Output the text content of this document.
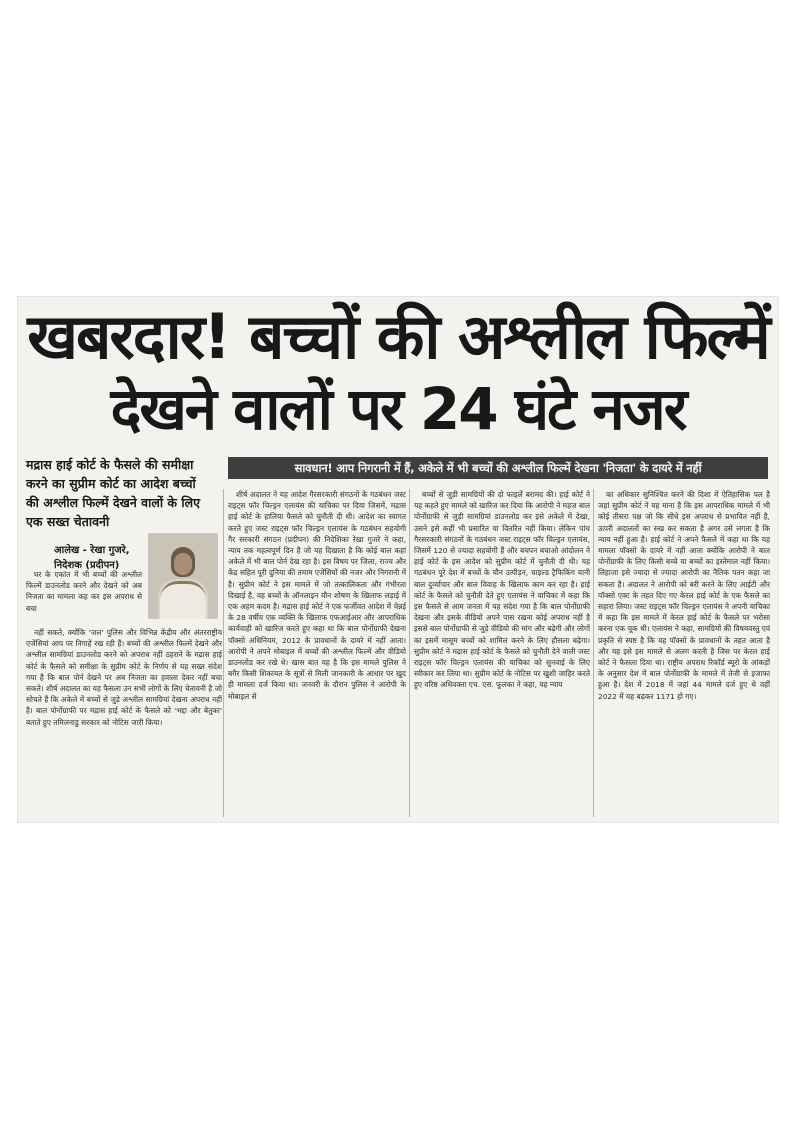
खबरदार! बच्चों की अश्लील फिल्में
देखने वालों पर 24 घंटे नजर
मद्रास हाई कोर्ट के फैसले की समीक्षा करने का सुप्रीम कोर्ट का आदेश बच्चों की अश्लील फिल्में देखने वालों के लिए एक सख्त चेतावनी
सावधान! आप निगरानी में हैं, अकेले में भी बच्चों की अश्लील फिल्में देखना 'निजता' के दायरे में नहीं
आलेख - रेखा गुजरे,
निदेशक (प्रदीपन)

घर के एकांत में भी बच्चों की अश्लील फिल्में डाउनलोड करने और देखने को अब निजता का मामला कह कर इस अपराध से बचा

नहीं सकते, क्योंकि 'जल' पुलिस और विभिन्न केंद्रीय और अंतरराष्ट्रीय एजेंसियां आप पर निगाहें रख रही हैं। बच्चों की अश्लील फिल्में देखने और अश्लील सामग्रियां डाउनलोड करने को अपराध नहीं ठहराने के मद्रास हाई कोर्ट के फैसले को समीक्षा के सुप्रीम कोर्ट के निर्णय से यह सख्त संदेश गया है कि बाल पोर्न देखने पर अब निजता का हवाला देकर नहीं बचा सकते। शीर्ष अदालत का यह फैसला उन सभी लोगों के लिए चेतावनी है जो सोचते हैं कि अकेले में बच्चों से जुड़े अश्लील सामग्रियां देखना अपराध नहीं है। बाल पोर्नोग्राफी पर मद्रास हाई कोर्ट के फैसले को 'भद्दा और बेतुका' बताते हुए तमिलनाडु सरकार को नोटिस जारी किया।

शीर्ष अदालत ने यह आदेश गैरसरकारी संगठनों के गठबंधन जस्ट राइट्स फॉर चिल्ड्रन एलायंस की याचिका पर दिया जिसमें, मद्रास हाई कोर्ट के हालिया फैसले को चुनौती दी थी। आदेश का स्वागत करते हुए जस्ट राइट्स फॉर चिल्ड्रन एलायंस के गठबंधन सहयोगी गैर सरकारी संगठन (प्रदीपन) की निदेशिका रेखा गुजरे ने कहा, न्याय तक महत्वपूर्ण दिन है जो यह दिखाता है कि कोई बाल कहां अकेले में भी बाल पोर्न देख रहा है। इस विषय पर जिला, राज्य और केंद्र सहित पूरी दुनिया की तमाम एजेंसियों की नजर और निगरानी में है। सुप्रीम कोर्ट ने इस मामले में जो तत्कालिकता और गंभीरता दिखाई है, वह बच्चों के ऑनलाइन यौन शोषण के खिलाफ लड़ाई में एक अहम कदम है। मद्रास हाई कोर्ट ने एक फर्जीवत आदेश में चेन्नई के 28 वर्षीय एक व्यक्ति के खिलाफ एफआईआर और आपराधिक कार्यवाही को खारिज करते हुए कहा था कि बाल पोर्नोग्राफी देखना पॉक्सो अधिनियम, 2012 के प्रावधानों के दायरे में नहीं आता। आरोपी ने अपने मोबाइल में बच्चों की अश्लील फिल्में और वीडियो डाउनलोड कर रखे थे। खास बात यह है कि इस मामले पुलिस ने बगैर किसी शिकायत के सूत्रों से मिली जानकारी के आधार पर खुद ही मामला दर्ज किया था। जनवरी के दौरान पुलिस ने आरोपी के मोबाइल से

बच्चों से जुड़ी सामग्रियों की दो फाइलें बरामद की। हाई कोर्ट ने यह कहते हुए मामले को खारिज कर दिया कि आरोपी ने महज बाल पोर्नोग्राफी से जुड़ी सामग्रियां डाउनलोड कर इसे अकेले में देखा, उसने इसे कहीं भी प्रसारित या वितरित नहीं किया। लेकिन पांच गैरसरकारी संगठनों के गठबंधन जस्ट राइट्स फॉर चिल्ड्रन एलायंस, जिसमें 120 से ज्यादा सहयोगी हैं और बचपन बचाओ आंदोलन ने हाई कोर्ट के इस आदेश को सुप्रीम कोर्ट में चुनौती दी थी। यह गठबंधन पूरे देश में बच्चों के यौन उत्पीड़न, चाइल्ड ट्रैफिकिंग यानी बाल दुर्व्यापार और बाल विवाह के खिलाफ काम कर रहा है। हाई कोर्ट के फैसले को चुनौती देते हुए एलायंस ने याचिका में कहा कि इस फैसले से आम जनता में यह संदेश गया है कि बाल पोर्नोग्राफी देखना और इसके वीडियो अपने पास रखना कोई अपराध नहीं है इससे बाल पोर्नोग्राफी से जुड़े वीडियो की मांग और बढ़ेगी और लोगों का इसमें मासूम बच्चों को शामिल करने के लिए हौसला बढ़ेगा। सुप्रीम कोर्ट ने मद्रास हाई कोर्ट के फैसले को चुनौती देने वाली जस्ट राइट्स फॉर चिल्ड्रन एलायंस की याचिका को सुनवाई के लिए स्वीकार कर लिया था। सुप्रीम कोर्ट के नोटिस पर खुशी जाहिर करते हुए वरिष्ठ अधिवक्ता एच. एस. फूलका ने कहा, यह न्याय

का अधिकार सुनिश्चित करने की दिशा में ऐतिहासिक पल है जहां सुप्रीम कोर्ट ने यह माना है कि इस आपराधिक मामले में भी कोई तीसरा पक्ष जो कि सीधे इस अपराध से प्रभावित नहीं है, ऊपरी अदालतों का रुख कर सकता है अगर उसे लगता है कि न्याय नहीं हुआ है। हाई कोर्ट ने अपने फैसले में कहा था कि यह मामला पॉक्सो के दायरे में नहीं आता क्योंकि आरोपी ने बाल पोर्नोग्राफी के लिए किसी बच्चे या बच्चों का इस्तेमाल नहीं किया। लिहाजा इसे ज्यादा से ज्यादा आरोपी का नैतिक पतन कहा जा सकता है। अदालत ने आरोपी को बरी करने के लिए आईटी और पॉक्सो एक्ट के तहत दिए गए केरल हाई कोर्ट के एक फैसले का सहारा लिया। जस्ट राइट्स फॉर चिल्ड्रन एलायंस ने अपनी याचिका में कहा कि इस मामले में केरल हाई कोर्ट के फैसले पर भरोसा करना एक चूक थी। एलायंस ने कहा, सामग्रियों की विषयवस्तु एवं प्रकृति से स्पष्ट है कि यह पॉक्सो के प्रावधानों के तहत आता है और यह इसे इस मामले से अलग करती है जिस पर केरल हाई कोर्ट ने फैसला दिया था। राष्ट्रीय अपराध रिकॉर्ड ब्यूरो के आंकड़ों के अनुसार देश में बाल पोर्नोग्राफी के मामले में तेजी से इजाफा हुआ है। देश में 2018 में जहां 44 मामले दर्ज हुए थे वहीं 2022 में यह बढ़कर 1171 हो गए।
